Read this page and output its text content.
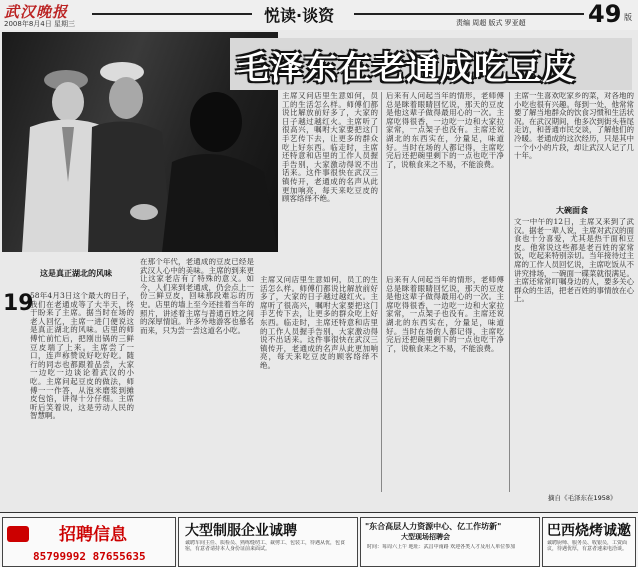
武汉晚报
2008年8月4日 星期三	悦读·谈资	责编 周超 版式 罗亚超	49 版
毛泽东在老通成吃豆皮
主席又问店里生意如何，员工的生活怎么样。师傅们都说比解放前好多了，大家的日子越过越红火。主席听了很高兴，嘱咐大家要把这门手艺传下去，让更多的群众吃上好东西。临走时，主席还特意和店里的工作人员握手告别，大家激动得说不出话来。这件事很快在武汉三镇传开，老通成的名声从此更加响亮，每天来吃豆皮的顾客络绎不绝。
后来有人问起当年的情形，老师傅总是眯着眼睛回忆说，那天的豆皮是他这辈子做得最用心的一次。主席吃得很香，一边吃一边和大家拉家常，一点架子也没有。主席还说湖北的东西实在，分量足，味道好。当时在场的人都记得，主席吃完后还把碗里剩下的一点也吃干净了，说粮食来之不易，不能浪费。
主席一生喜欢吃家乡的菜，对各地的小吃也很有兴趣。每到一处，他常常要了解当地群众的饮食习惯和生活状况。在武汉期间，他多次到街头巷尾走访，和普通市民交谈，了解他们的冷暖。老通成的这次经历，只是其中一个小小的片段，却让武汉人记了几十年。
大碗面食
文一中午的12日，主席又来到了武汉。据老一辈人说，主席对武汉的面食也十分喜爱，尤其是热干面和豆皮。他常说这些都是老百姓的家常饭，吃起来特别亲切。当年接待过主席的工作人员回忆说，主席吃饭从不讲究排场，一碗面一碟菜就很满足。主席还常常叮嘱身边的人，要多关心群众的生活，把老百姓的事情放在心上。
这是真正湖北的风味
19
58年4月3日这个最大的日子，我们在老通成等了大半天，终于盼来了主席。据当时在场的老人回忆，主席一进门便说这是真正湖北的风味。店里的师傅忙前忙后，把刚出锅的三鲜豆皮端了上来。主席尝了一口，连声称赞说好吃好吃。随行的同志也都跟着品尝，大家一边吃一边谈论着武汉的小吃。主席问起豆皮的做法，师傅一一作答，从泡米磨浆到摊皮包馅，讲得十分仔细。主席听后笑着说，这是劳动人民的智慧啊。
在那个年代，老通成的豆皮已经是武汉人心中的美味。主席的到来更让这家老店有了特殊的意义。如今，人们来到老通成，仍会点上一份三鲜豆皮，回味那段难忘的历史。店里的墙上至今还挂着当年的照片，讲述着主席与普通百姓之间的深厚情谊。许多外地游客也慕名而来，只为尝一尝这道名小吃。
主席又问店里生意如何，员工的生活怎么样。师傅们都说比解放前好多了，大家的日子越过越红火。主席听了很高兴，嘱咐大家要把这门手艺传下去，让更多的群众吃上好东西。临走时，主席还特意和店里的工作人员握手告别，大家激动得说不出话来。这件事很快在武汉三镇传开，老通成的名声从此更加响亮，每天来吃豆皮的顾客络绎不绝。
后来有人问起当年的情形，老师傅总是眯着眼睛回忆说，那天的豆皮是他这辈子做得最用心的一次。主席吃得很香，一边吃一边和大家拉家常，一点架子也没有。主席还说湖北的东西实在，分量足，味道好。当时在场的人都记得，主席吃完后还把碗里剩下的一点也吃干净了，说粮食来之不易，不能浪费。
摘自《毛泽东在1958》
招聘信息
85799992 87655635
大型制服企业诚聘
诚聘车间主任、质检员、熟练缝纫工、裁剪工、包装工，待遇从优，包食宿，有意者请持本人身份证前来面试。
"东合高层人力资源中心、亿工作坊新"
大型现场招聘会
时间：每周六上午 地址：武昌中南路 欢迎各类人才及用人单位参加
巴西烧烤诚邀
诚聘厨师、服务员、收银员，工资面议，待遇优厚，有意者速来电洽谈。
